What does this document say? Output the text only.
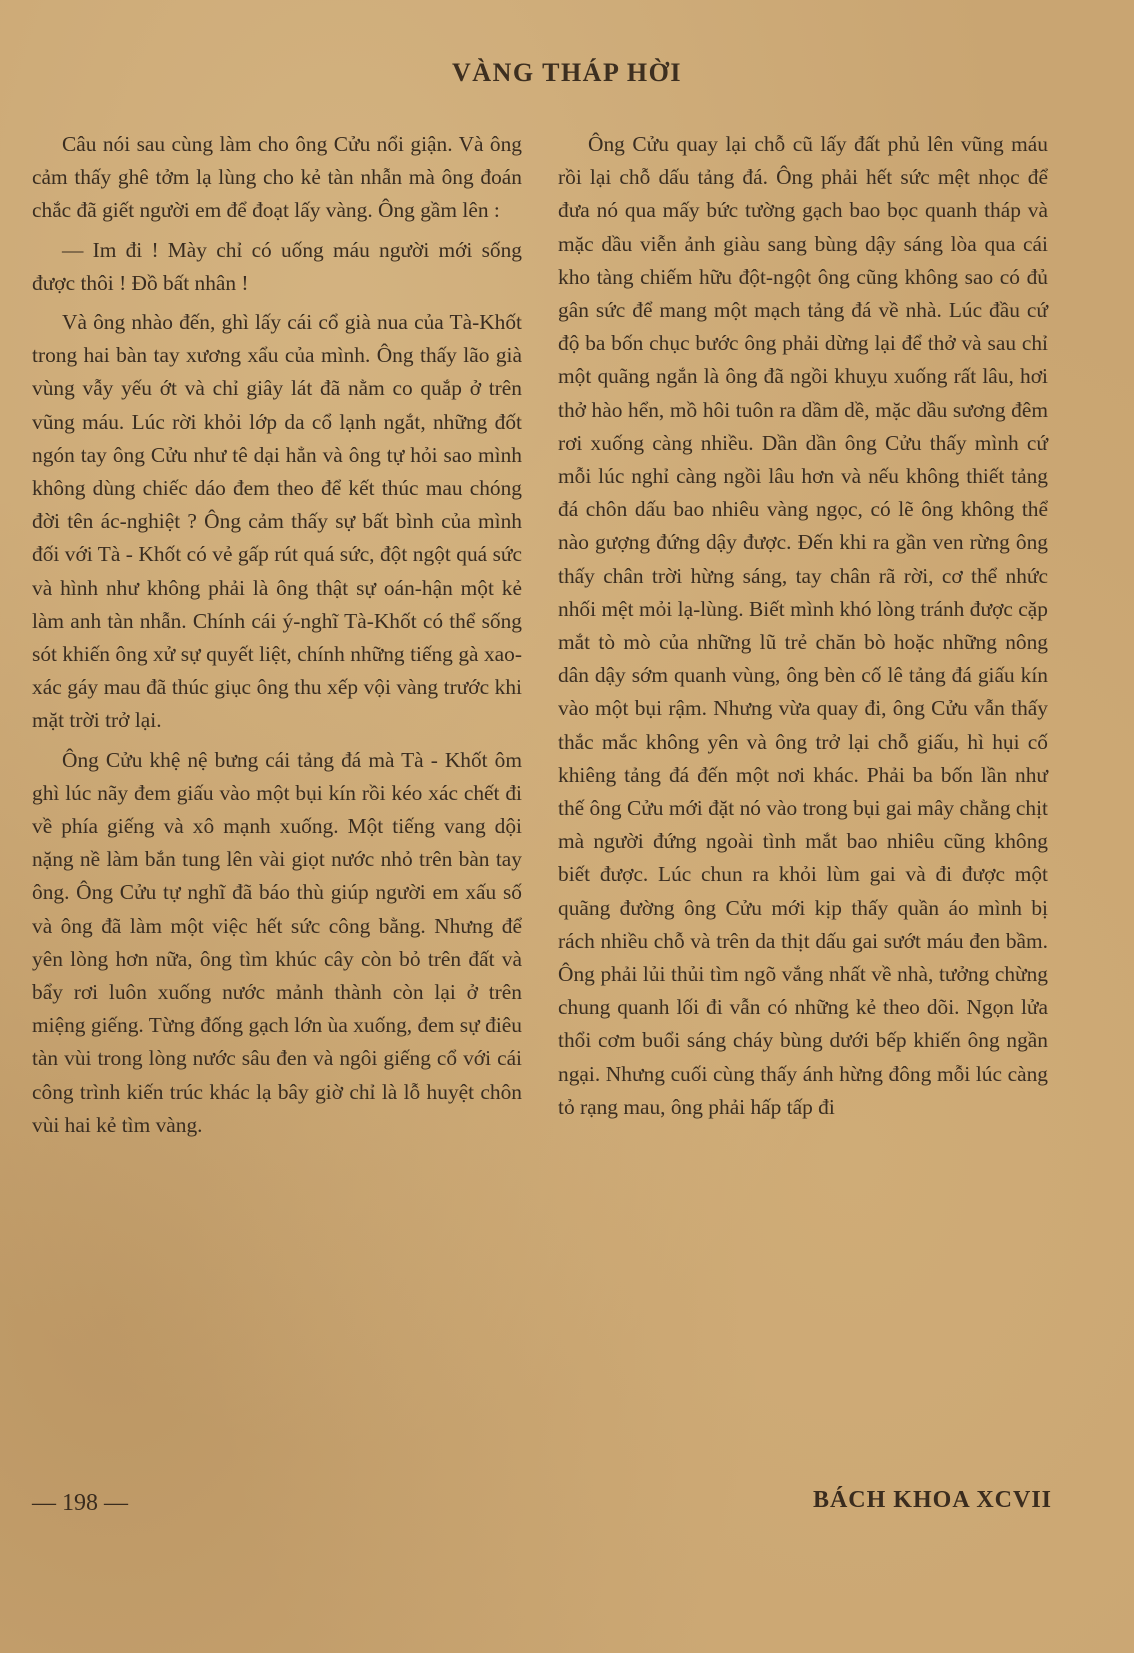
VÀNG THÁP HỜI

Câu nói sau cùng làm cho ông Cửu nổi giận. Và ông cảm thấy ghê tởm lạ lùng cho kẻ tàn nhẫn mà ông đoán chắc đã giết người em để đoạt lấy vàng. Ông gầm lên :

— Im đi ! Mày chỉ có uống máu người mới sống được thôi ! Đồ bất nhân !

Và ông nhào đến, ghì lấy cái cổ già nua của Tà-Khốt trong hai bàn tay xương xẩu của mình. Ông thấy lão già vùng vẫy yếu ớt và chỉ giây lát đã nằm co quắp ở trên vũng máu. Lúc rời khỏi lớp da cổ lạnh ngắt, những đốt ngón tay ông Cửu như tê dại hẳn và ông tự hỏi sao mình không dùng chiếc dáo đem theo để kết thúc mau chóng đời tên ác-nghiệt ? Ông cảm thấy sự bất bình của mình đối với Tà - Khốt có vẻ gấp rút quá sức, đột ngột quá sức và hình như không phải là ông thật sự oán-hận một kẻ làm anh tàn nhẫn. Chính cái ý-nghĩ Tà-Khốt có thể sống sót khiến ông xử sự quyết liệt, chính những tiếng gà xao-xác gáy mau đã thúc giục ông thu xếp vội vàng trước khi mặt trời trở lại.

Ông Cửu khệ nệ bưng cái tảng đá mà Tà - Khốt ôm ghì lúc nãy đem giấu vào một bụi kín rồi kéo xác chết đi về phía giếng và xô mạnh xuống. Một tiếng vang dội nặng nề làm bắn tung lên vài giọt nước nhỏ trên bàn tay ông. Ông Cửu tự nghĩ đã báo thù giúp người em xấu số và ông đã làm một việc hết sức công bằng. Nhưng để yên lòng hơn nữa, ông tìm khúc cây còn bỏ trên đất và bẩy rơi luôn xuống nước mảnh thành còn lại ở trên miệng giếng. Từng đống gạch lớn ùa xuống, đem sự điêu tàn vùi trong lòng nước sâu đen và ngôi giếng cổ với cái công trình kiến trúc khác lạ bây giờ chỉ là lỗ huyệt chôn vùi hai kẻ tìm vàng.

Ông Cửu quay lại chỗ cũ lấy đất phủ lên vũng máu rồi lại chỗ dấu tảng đá. Ông phải hết sức mệt nhọc để đưa nó qua mấy bức tường gạch bao bọc quanh tháp và mặc dầu viễn ảnh giàu sang bùng dậy sáng lòa qua cái kho tàng chiếm hữu đột-ngột ông cũng không sao có đủ gân sức để mang một mạch tảng đá về nhà. Lúc đầu cứ độ ba bốn chục bước ông phải dừng lại để thở và sau chỉ một quãng ngắn là ông đã ngồi khuỵu xuống rất lâu, hơi thở hào hển, mồ hôi tuôn ra dầm dề, mặc dầu sương đêm rơi xuống càng nhiều. Dần dần ông Cửu thấy mình cứ mỗi lúc nghỉ càng ngồi lâu hơn và nếu không thiết tảng đá chôn dấu bao nhiêu vàng ngọc, có lẽ ông không thể nào gượng đứng dậy được. Đến khi ra gần ven rừng ông thấy chân trời hừng sáng, tay chân rã rời, cơ thể nhức nhối mệt mỏi lạ-lùng. Biết mình khó lòng tránh được cặp mắt tò mò của những lũ trẻ chăn bò hoặc những nông dân dậy sớm quanh vùng, ông bèn cố lê tảng đá giấu kín vào một bụi rậm. Nhưng vừa quay đi, ông Cửu vẫn thấy thắc mắc không yên và ông trở lại chỗ giấu, hì hụi cố khiêng tảng đá đến một nơi khác. Phải ba bốn lần như thế ông Cửu mới đặt nó vào trong bụi gai mây chằng chịt mà người đứng ngoài tình mắt bao nhiêu cũng không biết được. Lúc chun ra khỏi lùm gai và đi được một quãng đường ông Cửu mới kịp thấy quần áo mình bị rách nhiều chỗ và trên da thịt dấu gai sướt máu đen bầm. Ông phải lủi thủi tìm ngõ vắng nhất về nhà, tưởng chừng chung quanh lối đi vẫn có những kẻ theo dõi. Ngọn lửa thổi cơm buổi sáng cháy bùng dưới bếp khiến ông ngần ngại. Nhưng cuối cùng thấy ánh hừng đông mỗi lúc càng tỏ rạng mau, ông phải hấp tấp đi

— 198 —	BÁCH KHOA XCVII
